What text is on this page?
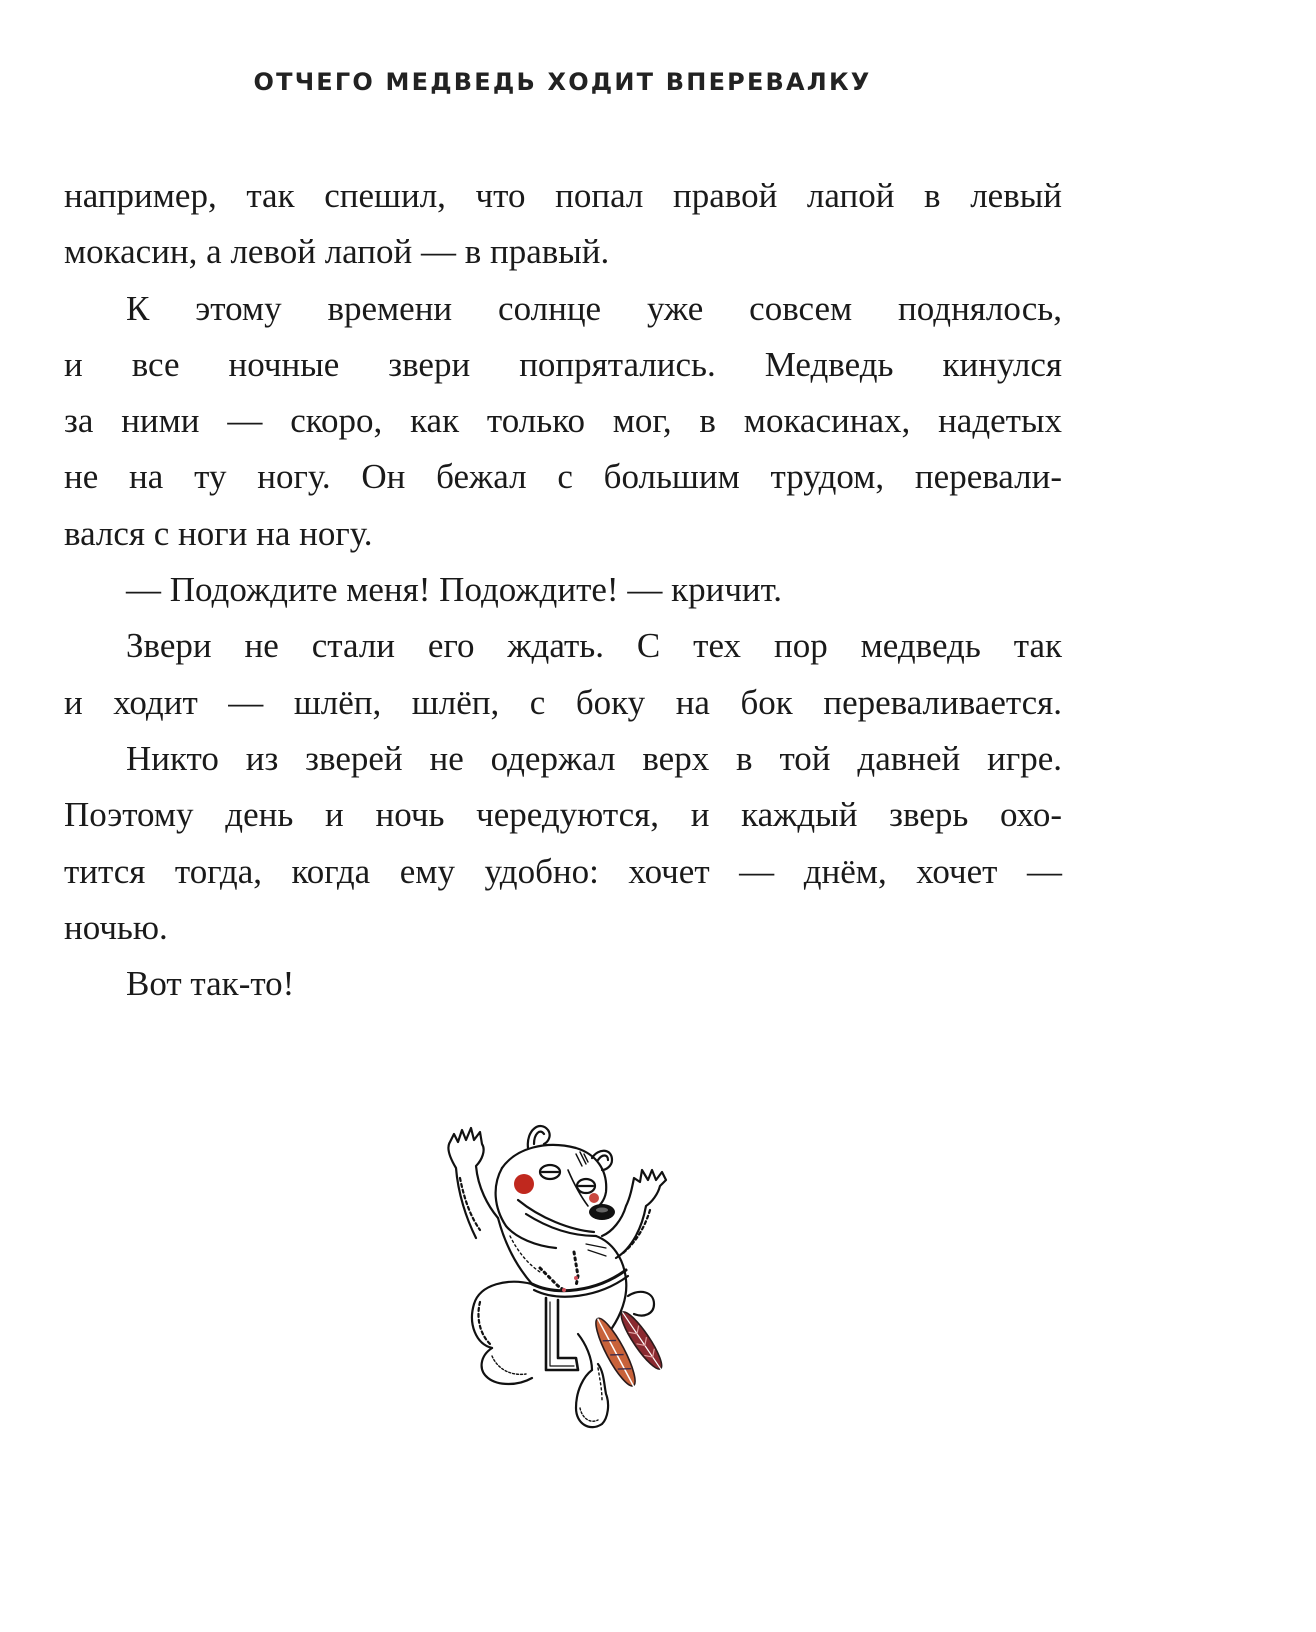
ОТЧЕГО МЕДВЕДЬ ХОДИТ ВПЕРЕВАЛКУ
например, так спешил, что попал правой лапой в левый
мокасин, а левой лапой — в правый.
К этому времени солнце уже совсем поднялось,
и все ночные звери попрятались. Медведь кинулся
за ними — скоро, как только мог, в мокасинах, надетых
не на ту ногу. Он бежал с большим трудом, перевали-
вался с ноги на ногу.
— Подождите меня! Подождите! — кричит.
Звери не стали его ждать. С тех пор медведь так
и ходит — шлёп, шлёп, с боку на бок переваливается.
Никто из зверей не одержал верх в той давней игре.
Поэтому день и ночь чередуются, и каждый зверь охо-
тится тогда, когда ему удобно: хочет — днём, хочет —
ночью.
Вот так-то!
